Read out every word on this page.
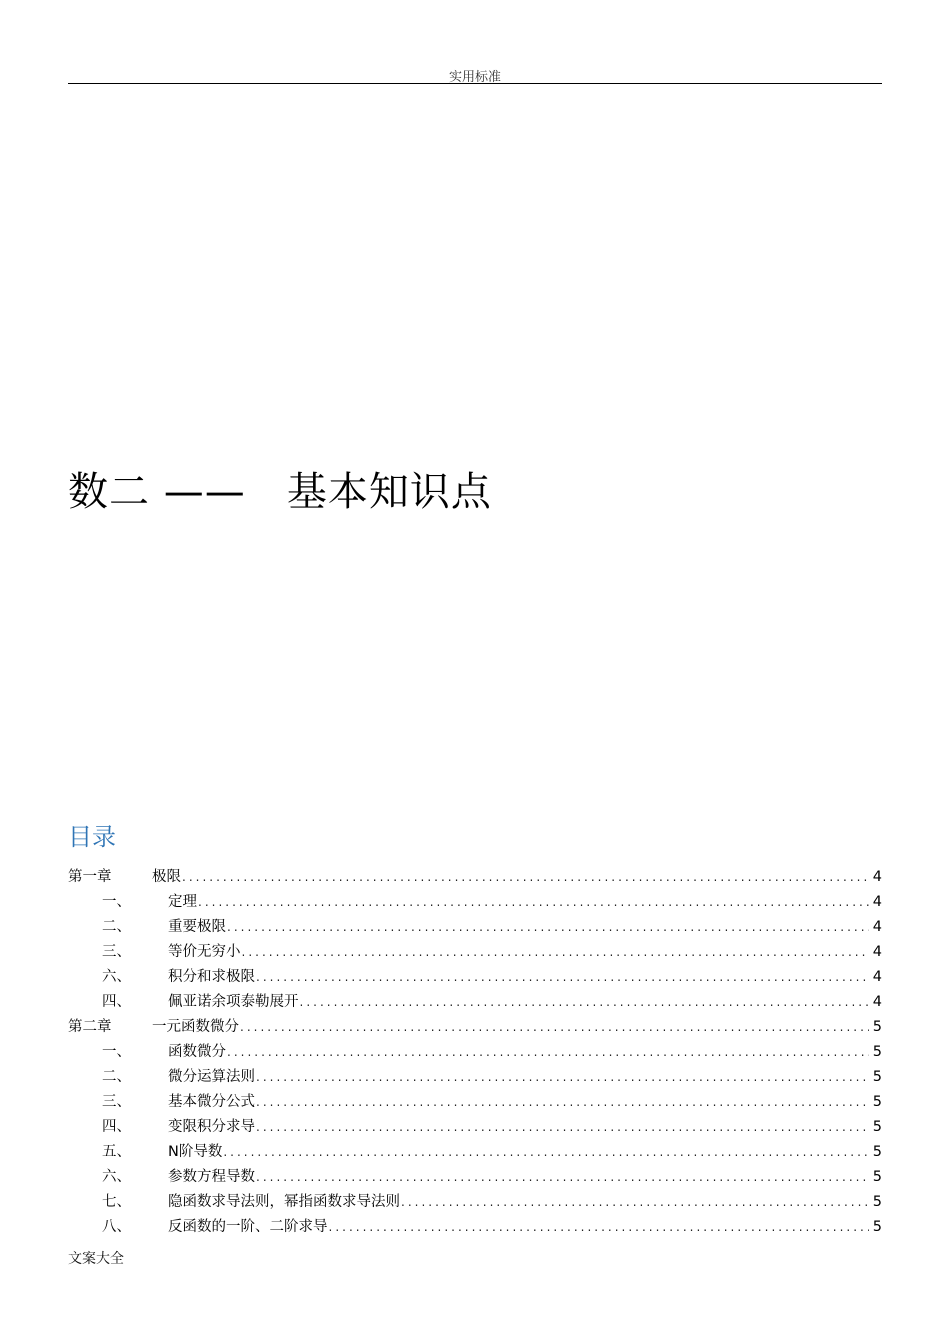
实用标准
数二 ——   基本知识点
目录
第一章	极限 .....	4
一、	定理 .....	4
二、	重要极限 .....	4
三、	等价无穷小 .....	4
六、	积分和求极限 .....	4
四、	佩亚诺余项泰勒展开 .....	4
第二章	一元函数微分 .....	5
一、	函数微分 .....	5
二、	微分运算法则 .....	5
三、	基本微分公式 .....	5
四、	变限积分求导 .....	5
五、	N阶导数 .....	5
六、	参数方程导数 .....	5
七、	隐函数求导法则，幂指函数求导法则 .....	5
八、	反函数的一阶、二阶求导 .....	5
文案大全
